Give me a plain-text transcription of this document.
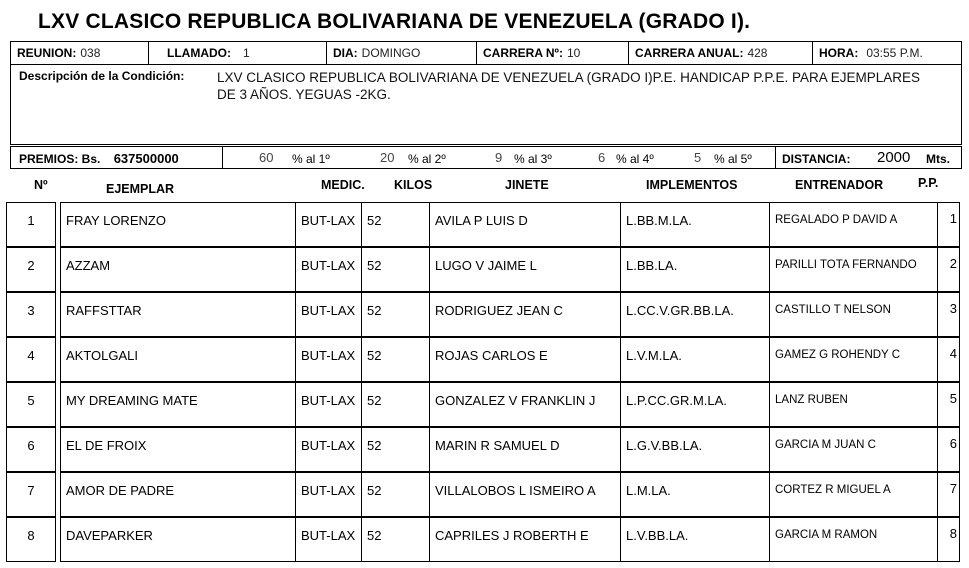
LXV CLASICO REPUBLICA BOLIVARIANA DE VENEZUELA (GRADO I).
REUNION: 038	LLAMADO: 1	DIA: DOMINGO	CARRERA Nº: 10	CARRERA ANUAL: 428	HORA: 03:55 P.M.
Descripción de la Condición: LXV CLASICO REPUBLICA BOLIVARIANA DE VENEZUELA (GRADO I)P.E. HANDICAP P.P.E. PARA EJEMPLARES DE 3 AÑOS. YEGUAS -2KG.
PREMIOS: Bs. 637500000	60 % al 1º	20 % al 2º	9 % al 3º	6 % al 4º	5 % al 5º	DISTANCIA: 2000 Mts.
Nº	EJEMPLAR	MEDIC. KILOS	JINETE	IMPLEMENTOS	ENTRENADOR	P.P.
1	FRAY LORENZO	BUT-LAX 52	AVILA P LUIS D	L.BB.M.LA.	REGALADO P DAVID A	1
2	AZZAM	BUT-LAX 52	LUGO V JAIME L	L.BB.LA.	PARILLI TOTA FERNANDO	2
3	RAFFSTTAR	BUT-LAX 52	RODRIGUEZ JEAN C	L.CC.V.GR.BB.LA.	CASTILLO T NELSON	3
4	AKTOLGALI	BUT-LAX 52	ROJAS CARLOS E	L.V.M.LA.	GAMEZ G ROHENDY C	4
5	MY DREAMING MATE	BUT-LAX 52	GONZALEZ V FRANKLIN J	L.P.CC.GR.M.LA.	LANZ RUBEN	5
6	EL DE FROIX	BUT-LAX 52	MARIN R SAMUEL D	L.G.V.BB.LA.	GARCIA M JUAN C	6
7	AMOR DE PADRE	BUT-LAX 52	VILLALOBOS L ISMEIRO A	L.M.LA.	CORTEZ R MIGUEL A	7
8	DAVEPARKER	BUT-LAX 52	CAPRILES J ROBERTH E	L.V.BB.LA.	GARCIA M RAMON	8
